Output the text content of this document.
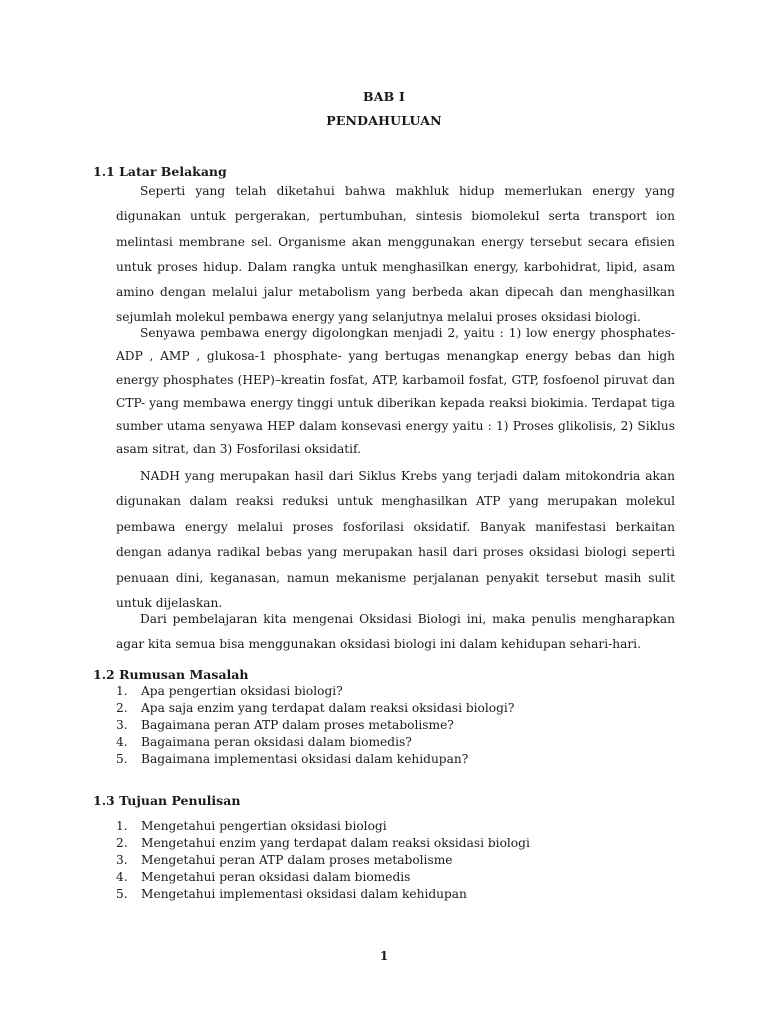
BAB I
PENDAHULUAN
1.1 Latar Belakang

Seperti yang telah diketahui bahwa makhluk hidup memerlukan energy yang digunakan untuk pergerakan, pertumbuhan, sintesis biomolekul serta transport ion melintasi membrane sel. Organisme akan menggunakan energy tersebut secara efisien untuk proses hidup. Dalam rangka untuk menghasilkan energy, karbohidrat, lipid, asam amino dengan melalui jalur metabolism yang berbeda akan dipecah dan menghasilkan sejumlah molekul pembawa energy yang selanjutnya melalui proses oksidasi biologi.

Senyawa pembawa energy digolongkan menjadi 2, yaitu : 1) low energy phosphates- ADP , AMP , glukosa-1 phosphate- yang bertugas menangkap energy bebas dan high energy phosphates (HEP)–kreatin fosfat, ATP, karbamoil fosfat, GTP, fosfoenol piruvat dan CTP- yang membawa energy tinggi untuk diberikan kepada reaksi biokimia. Terdapat tiga sumber utama senyawa HEP dalam konsevasi energy yaitu : 1) Proses glikolisis, 2) Siklus asam sitrat, dan 3) Fosforilasi oksidatif.

NADH yang merupakan hasil dari Siklus Krebs yang terjadi dalam mitokondria akan digunakan dalam reaksi reduksi untuk menghasilkan ATP yang merupakan molekul pembawa energy melalui proses fosforilasi oksidatif. Banyak manifestasi berkaitan dengan adanya radikal bebas yang merupakan hasil dari proses oksidasi biologi seperti penuaan dini, keganasan, namun mekanisme perjalanan penyakit tersebut masih sulit untuk dijelaskan.

Dari pembelajaran kita mengenai Oksidasi Biologi ini, maka penulis mengharapkan agar kita semua bisa menggunakan oksidasi biologi ini dalam kehidupan sehari-hari.

1.2 Rumusan Masalah
1.	Apa pengertian oksidasi biologi?
2.	Apa saja enzim yang terdapat dalam reaksi oksidasi biologi?
3.	Bagaimana peran ATP dalam proses metabolisme?
4.	Bagaimana peran oksidasi dalam biomedis?
5.	Bagaimana implementasi oksidasi dalam kehidupan?
1.3 Tujuan Penulisan
1.	Mengetahui pengertian oksidasi biologi
2.	Mengetahui enzim yang terdapat dalam reaksi oksidasi biologi
3.	Mengetahui peran ATP dalam proses metabolisme
4.	Mengetahui peran oksidasi dalam biomedis
5.	Mengetahui implementasi oksidasi dalam kehidupan
1
